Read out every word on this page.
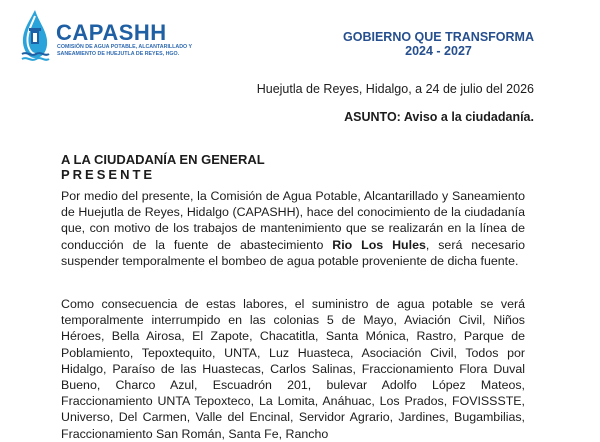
CAPASHH
COMISIÓN DE AGUA POTABLE, ALCANTARILLADO Y SANEAMIENTO DE HUEJUTLA DE REYES, HGO.
GOBIERNO QUE TRANSFORMA
2024 - 2027
Huejutla de Reyes, Hidalgo, a 24 de julio del 2026
ASUNTO: Aviso a la ciudadanía.
A LA CIUDADANÍA EN GENERAL
PRESENTE

Por medio del presente, la Comisión de Agua Potable, Alcantarillado y Saneamiento de Huejutla de Reyes, Hidalgo (CAPASHH), hace del conocimiento de la ciudadanía que, con motivo de los trabajos de mantenimiento que se realizarán en la línea de conducción de la fuente de abastecimiento Rio Los Hules, será necesario suspender temporalmente el bombeo de agua potable proveniente de dicha fuente.

Como consecuencia de estas labores, el suministro de agua potable se verá temporalmente interrumpido en las colonias 5 de Mayo, Aviación Civil, Niños Héroes, Bella Airosa, El Zapote, Chacatitla, Santa Mónica, Rastro, Parque de Poblamiento, Tepoxtequito, UNTA, Luz Huasteca, Asociación Civil, Todos por Hidalgo, Paraíso de las Huastecas, Carlos Salinas, Fraccionamiento Flora Duval Bueno, Charco Azul, Escuadrón 201, bulevar Adolfo López Mateos, Fraccionamiento UNTA Tepoxteco, La Lomita, Anáhuac, Los Prados, FOVISSSTE, Universo, Del Carmen, Valle del Encinal, Servidor Agrario, Jardines, Bugambilias, Fraccionamiento San Román, Santa Fe, Rancho
